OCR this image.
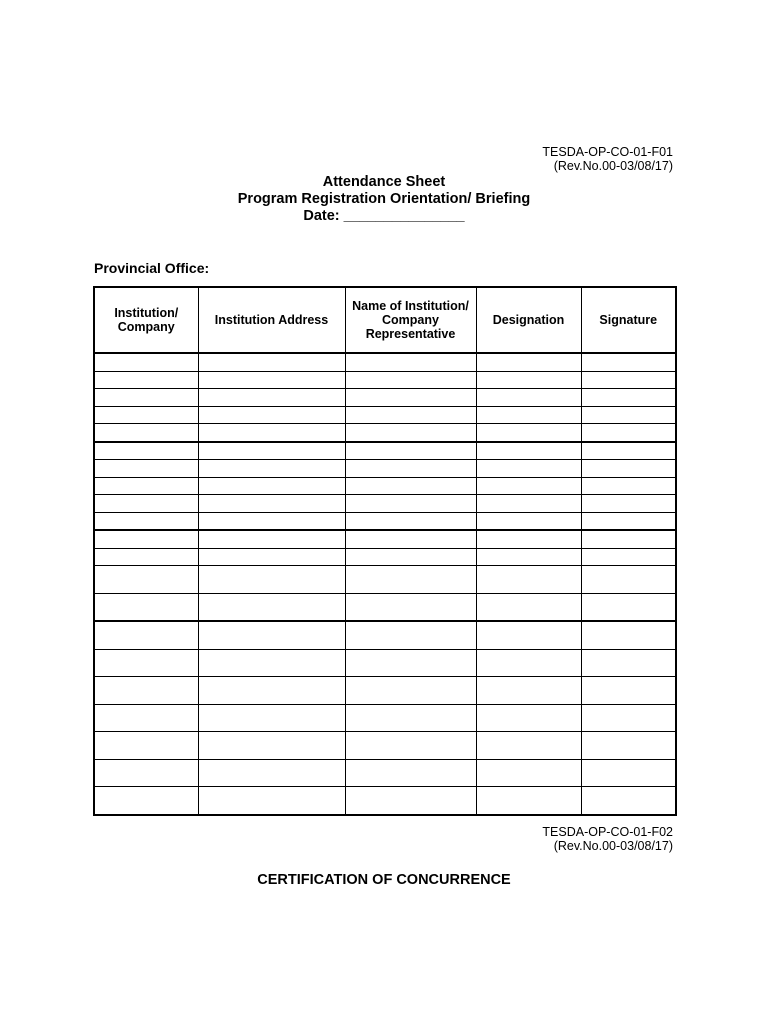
TESDA-OP-CO-01-F01
(Rev.No.00-03/08/17)
Attendance Sheet
Program Registration Orientation/ Briefing
Date: _______________
Provincial Office:
Institution/ Company	Institution Address	Name of Institution/ Company Representative	Designation	Signature

TESDA-OP-CO-01-F02
(Rev.No.00-03/08/17)
CERTIFICATION OF CONCURRENCE
